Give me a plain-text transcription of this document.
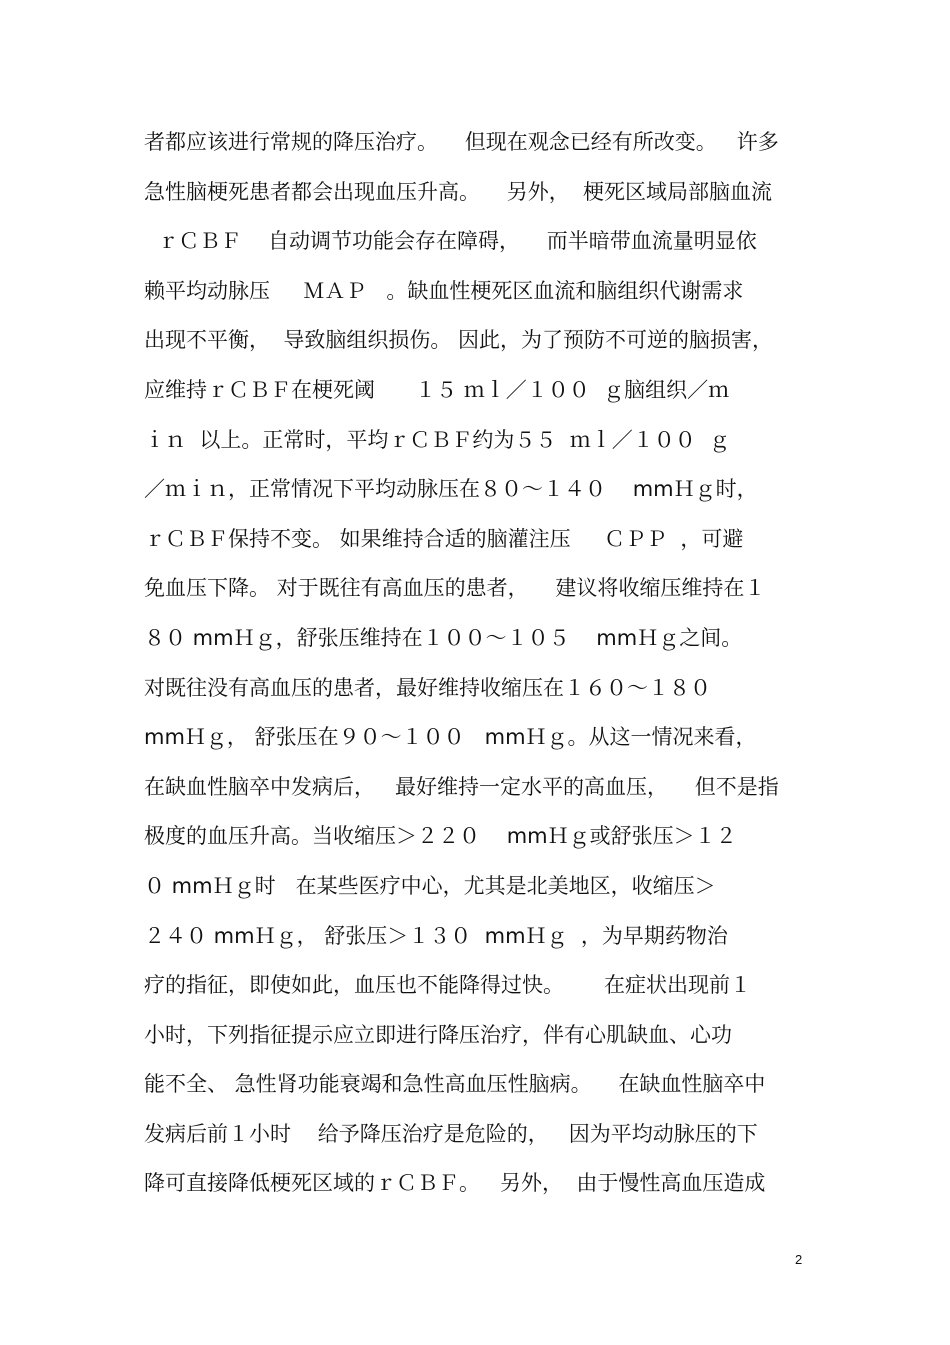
者都应该进行常规的降压治疗。    但现在观念已经有所改变。   许多
急性脑梗死患者都会出现血压升高。    另外，  梗死区域局部脑血流
ｒＣＢＦ    自动调节功能会存在障碍，    而半暗带血流量明显依
赖平均动脉压     ＭＡＰ   。缺血性梗死区血流和脑组织代谢需求
出现不平衡，  导致脑组织损伤。 因此，为了预防不可逆的脑损害，
应维持ｒＣＢＦ在梗死阈      １５ ｍｌ／１００  ｇ脑组织／ｍ
ｉｎ  以上。正常时，平均ｒＣＢＦ约为５５  ｍｌ／１００  ｇ
／ｍｉｎ，正常情况下平均动脉压在８０～１４０    mmＨｇ时，
ｒＣＢＦ保持不变。 如果维持合适的脑灌注压     ＣＰＰ  ，可避
免血压下降。 对于既往有高血压的患者，    建议将收缩压维持在１
８０ mmＨｇ，舒张压维持在１００～１０５    mmＨｇ之间。
对既往没有高血压的患者，最好维持收缩压在１６０～１８０
mmＨｇ， 舒张压在９０～１００   mmＨｇ。从这一情况来看，
在缺血性脑卒中发病后，   最好维持一定水平的高血压，    但不是指
极度的血压升高。当收缩压＞２２０    mmＨｇ或舒张压＞１２
０ mmＨｇ时   在某些医疗中心，尤其是北美地区，收缩压＞
２４０ mmＨｇ， 舒张压＞１３０  mmＨｇ  ，为早期药物治
疗的指征，即使如此，血压也不能降得过快。      在症状出现前１
小时，下列指征提示应立即进行降压治疗，伴有心肌缺血、心功
能不全、 急性肾功能衰竭和急性高血压性脑病。    在缺血性脑卒中
发病后前１小时    给予降压治疗是危险的，   因为平均动脉压的下
降可直接降低梗死区域的ｒＣＢＦ。   另外，  由于慢性高血压造成
2
